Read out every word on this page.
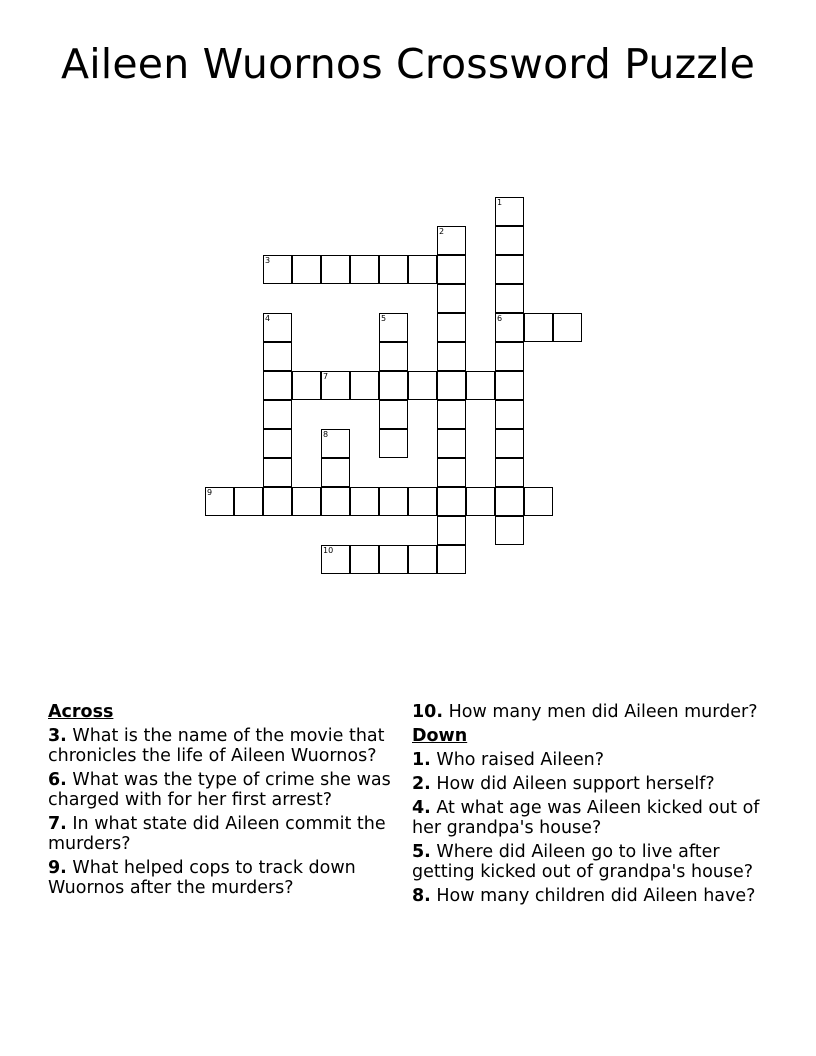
Aileen Wuornos Crossword Puzzle
1
6
2
3
4	5
7
8
9
10
Across
3. What is the name of the movie that chronicles the life of Aileen Wuornos?
6. What was the type of crime she was charged with for her first arrest?
7. In what state did Aileen commit the murders?
9. What helped cops to track down Wuornos after the murders?
10. How many men did Aileen murder?
Down
1. Who raised Aileen?
2. How did Aileen support herself?
4. At what age was Aileen kicked out of her grandpa's house?
5. Where did Aileen go to live after getting kicked out of grandpa's house?
8. How many children did Aileen have?
